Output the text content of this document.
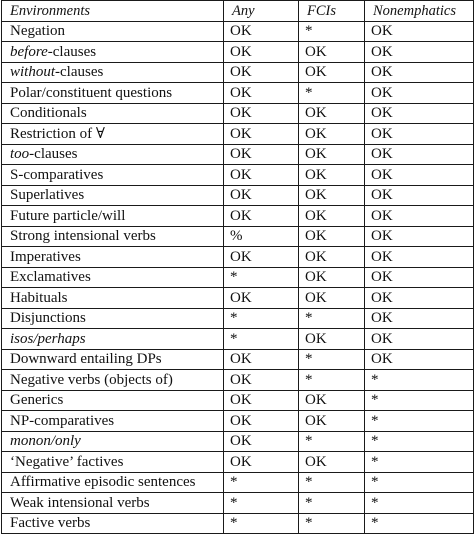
Environments	Any	FCIs	Nonemphatics
Negation	OK	*	OK
before-clauses	OK	OK	OK
without-clauses	OK	OK	OK
Polar/constituent questions	OK	*	OK
Conditionals	OK	OK	OK
Restriction of ∀	OK	OK	OK
too-clauses	OK	OK	OK
S-comparatives	OK	OK	OK
Superlatives	OK	OK	OK
Future particle/will	OK	OK	OK
Strong intensional verbs	%	OK	OK
Imperatives	OK	OK	OK
Exclamatives	*	OK	OK
Habituals	OK	OK	OK
Disjunctions	*	*	OK
isos/perhaps	*	OK	OK
Downward entailing DPs	OK	*	OK
Negative verbs (objects of)	OK	*	*
Generics	OK	OK	*
NP-comparatives	OK	OK	*
monon/only	OK	*	*
‘Negative’ factives	OK	OK	*
Affirmative episodic sentences	*	*	*
Weak intensional verbs	*	*	*
Factive verbs	*	*	*
